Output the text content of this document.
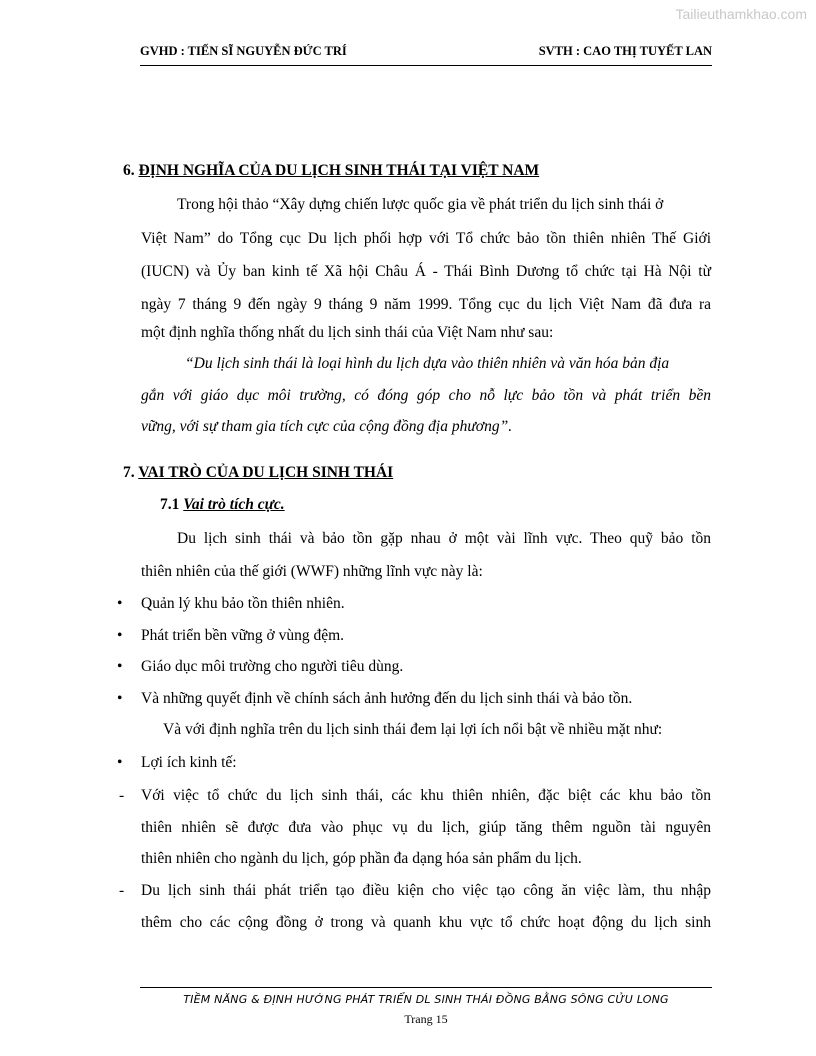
Tailieuthamkhao.com
GVHD : TIẾN SĨ NGUYỄN ĐỨC TRÍ	SVTH : CAO THỊ TUYẾT LAN
6. ĐỊNH NGHĨA CỦA DU LỊCH SINH THÁI TẠI VIỆT NAM
Trong hội thảo “Xây dựng chiến lược quốc gia về phát triển du lịch sinh thái ở
Việt Nam” do Tổng cục Du lịch phối hợp với Tổ chức bảo tồn thiên nhiên Thế Giới
(IUCN) và Ủy ban kinh tế Xã hội Châu Á - Thái Bình Dương tổ chức tại Hà Nội từ
ngày 7 tháng 9 đến ngày 9 tháng 9 năm 1999. Tổng cục du lịch Việt Nam đã đưa ra
một định nghĩa thống nhất du lịch sinh thái của Việt Nam như sau:
“Du lịch sinh thái là loại hình du lịch dựa vào thiên nhiên và văn hóa bản địa
gắn với giáo dục môi trường, có đóng góp cho nỗ lực bảo tồn và phát triển bền
vững, với sự tham gia tích cực của cộng đồng địa phương”.
7. VAI TRÒ CỦA DU LỊCH SINH THÁI
7.1 Vai trò tích cực.
Du lịch sinh thái và bảo tồn gặp nhau ở một vài lĩnh vực. Theo quỹ bảo tồn
thiên nhiên của thế giới (WWF) những lĩnh vực này là:
• Quản lý khu bảo tồn thiên nhiên.
• Phát triển bền vững ở vùng đệm.
• Giáo dục môi trường cho người tiêu dùng.
• Và những quyết định về chính sách ảnh hưởng đến du lịch sinh thái và bảo tồn.
Và với định nghĩa trên du lịch sinh thái đem lại lợi ích nổi bật về nhiều mặt như:
• Lợi ích kinh tế:
- Với việc tổ chức du lịch sinh thái, các khu thiên nhiên, đặc biệt các khu bảo tồn
thiên nhiên sẽ được đưa vào phục vụ du lịch, giúp tăng thêm nguồn tài nguyên
thiên nhiên cho ngành du lịch, góp phần đa dạng hóa sản phẩm du lịch.
- Du lịch sinh thái phát triển tạo điều kiện cho việc tạo công ăn việc làm, thu nhập
thêm cho các cộng đồng ở trong và quanh khu vực tổ chức hoạt động du lịch sinh
TIỀM NĂNG & ĐỊNH HƯỚNG PHÁT TRIỂN DL SINH THÁI ĐỒNG BẰNG SÔNG CỬU LONG
Trang 15
